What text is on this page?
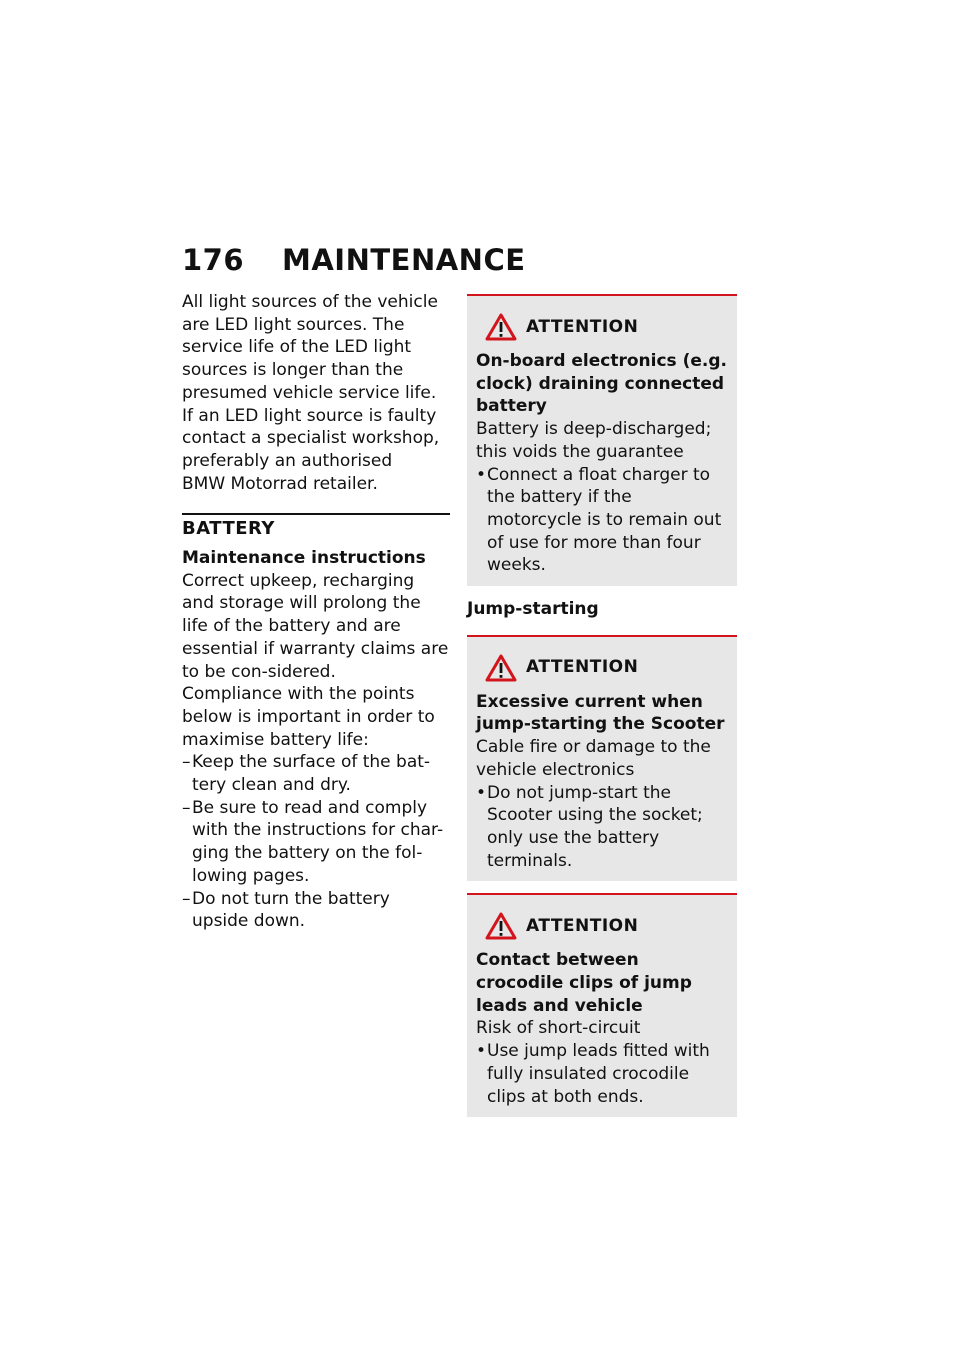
176	MAINTENANCE

All light sources of the vehicle
are LED light sources. The
service life of the LED light
sources is longer than the
presumed vehicle service life.
If an LED light source is faulty
contact a specialist workshop,
preferably an authorised
BMW Motorrad retailer.

BATTERY
Maintenance instructions

Correct upkeep, recharging and storage will prolong the life of the battery and are essential if warranty claims are to be con-sidered.

Compliance with the points below is important in order to maximise battery life:

– Keep the surface of the bat-tery clean and dry.
– Be sure to read and comply with the instructions for char-ging the battery on the fol-lowing pages.
– Do not turn the battery upside down.
ATTENTION
On-board electronics (e.g. clock) draining connected battery

Battery is deep-discharged; this voids the guarantee

• Connect a float charger to the battery if the motorcycle is to remain out of use for more than four weeks.
Jump-starting
ATTENTION
Excessive current when jump-starting the Scooter

Cable fire or damage to the vehicle electronics

• Do not jump-start the Scooter using the socket; only use the battery terminals.
ATTENTION
Contact between crocodile clips of jump leads and vehicle

Risk of short-circuit

• Use jump leads fitted with fully insulated crocodile clips at both ends.
